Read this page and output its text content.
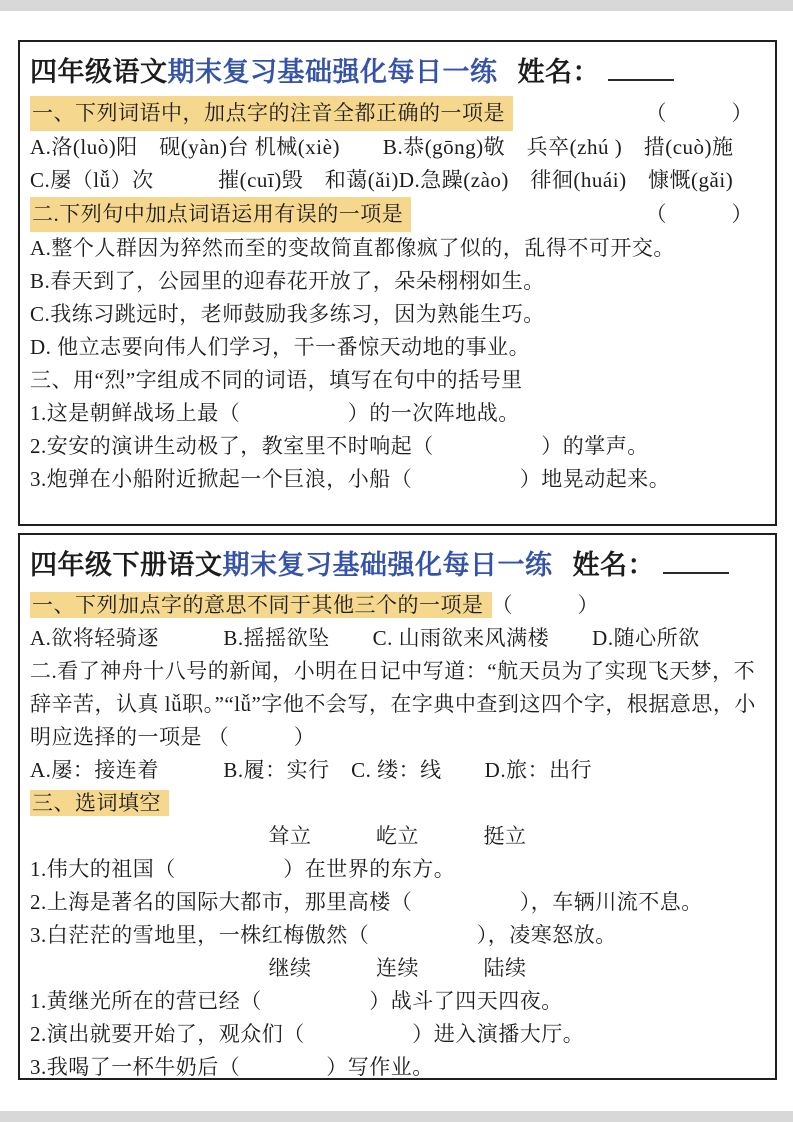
四年级语文期末复习基础强化每日一练 姓名：
一、下列词语中，加点字的注音全都正确的一项是	（　　　）
A.洛(luò)阳　砚(yàn)台 机械(xiè)　　B.恭(gōng)敬　兵卒(zhú )　措(cuò)施
C.屡（lǚ）次　　　摧(cuī)毁　和蔼(ǎi)D.急躁(zào)　徘徊(huái)　慷慨(gǎi)
二.下列句中加点词语运用有误的一项是	（　　　）
A.整个人群因为猝然而至的变故简直都像疯了似的，乱得不可开交。
B.春天到了，公园里的迎春花开放了，朵朵栩栩如生。
C.我练习跳远时，老师鼓励我多练习，因为熟能生巧。
D. 他立志要向伟人们学习，干一番惊天动地的事业。
三、用“烈”字组成不同的词语，填写在句中的括号里
1.这是朝鲜战场上最（　　　　　）的一次阵地战。
2.安安的演讲生动极了，教室里不时响起（　　　　　）的掌声。
3.炮弹在小船附近掀起一个巨浪，小船（　　　　　）地晃动起来。
四年级下册语文期末复习基础强化每日一练 姓名：
一、下列加点字的意思不同于其他三个的一项是 （　　　）
A.欲将轻骑逐　　　B.摇摇欲坠　　C. 山雨欲来风满楼　　D.随心所欲
二.看了神舟十八号的新闻，小明在日记中写道：“航天员为了实现飞天梦，不辞辛苦，认真 lǚ职。”“lǚ”字他不会写，在字典中查到这四个字，根据意思，小明应选择的一项是 （　　　）
A.屡：接连着　　　B.履：实行　C. 缕：线　　D.旅：出行
三、选词填空
耸立　　　屹立　　　挺立
1.伟大的祖国（　　　　　）在世界的东方。
2.上海是著名的国际大都市，那里高楼（　　　　　），车辆川流不息。
3.白茫茫的雪地里，一株红梅傲然（　　　　　），凌寒怒放。
继续　　　连续　　　陆续
1.黄继光所在的营已经（　　　　　）战斗了四天四夜。
2.演出就要开始了，观众们（　　　　　）进入演播大厅。
3.我喝了一杯牛奶后（　　　　）写作业。
